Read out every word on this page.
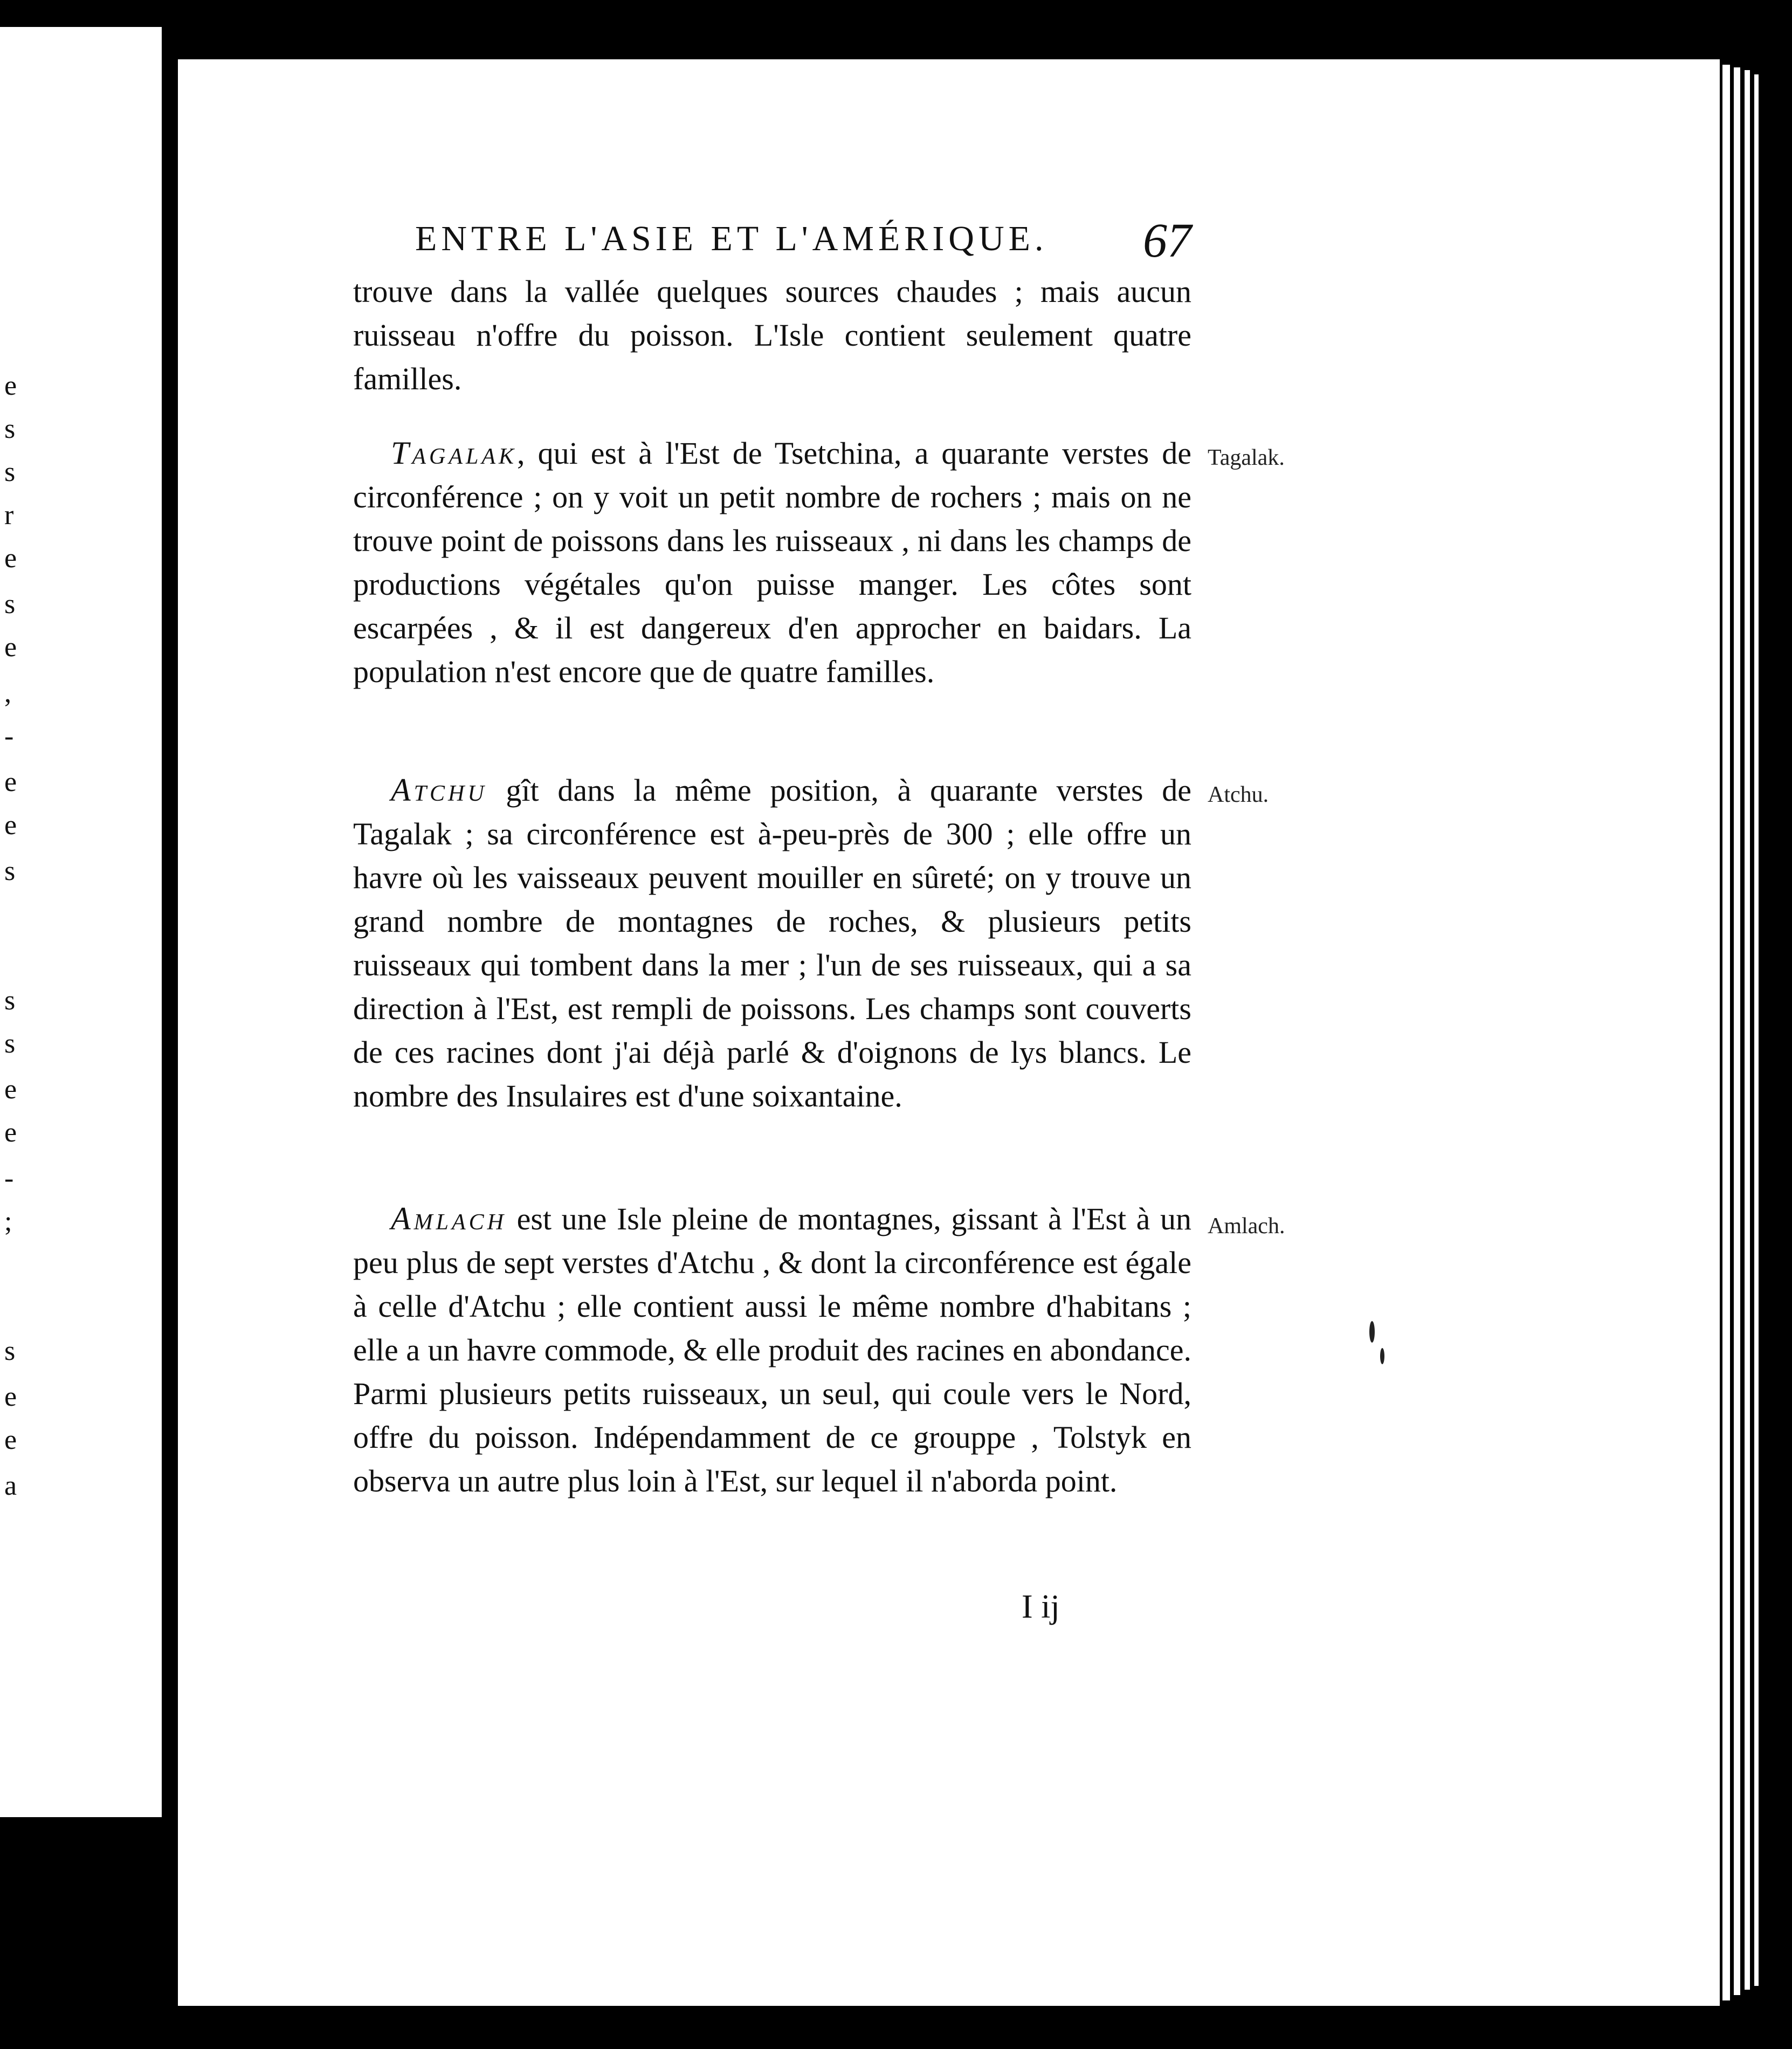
e
s
s
r
e
s
e
,
-
e
e
s
s
s
e
e
-
;
s
e
e
a
ENTRE L'ASIE ET L'AMÉRIQUE. 67

trouve dans la vallée quelques sources chaudes ; mais aucun ruisseau n'offre du poisson. L'Isle contient seulement quatre familles.

Tagalak, qui est à l'Est de Tsetchina, a quarante verstes de circonférence ; on y voit un petit nombre de rochers ; mais on ne trouve point de poissons dans les ruisseaux , ni dans les champs de productions végétales qu'on puisse manger. Les côtes sont escarpées , & il est dangereux d'en approcher en baidars. La population n'est encore que de quatre familles.

Tagalak.

Atchu gît dans la même position, à quarante verstes de Tagalak ; sa circonférence est à-peu-près de 300 ; elle offre un havre où les vaisseaux peuvent mouiller en sûreté; on y trouve un grand nombre de montagnes de roches, & plusieurs petits ruisseaux qui tombent dans la mer ; l'un de ses ruisseaux, qui a sa direction à l'Est, est rempli de poissons. Les champs sont couverts de ces racines dont j'ai déjà parlé & d'oignons de lys blancs. Le nombre des Insulaires est d'une soixantaine.

Atchu.

Amlach est une Isle pleine de montagnes, gissant à l'Est à un peu plus de sept verstes d'Atchu , & dont la circonférence est égale à celle d'Atchu ; elle contient aussi le même nombre d'habitans ; elle a un havre commode, & elle produit des racines en abondance. Parmi plusieurs petits ruisseaux, un seul, qui coule vers le Nord, offre du poisson. Indépendamment de ce grouppe , Tolstyk en observa un autre plus loin à l'Est, sur lequel il n'aborda point.

Amlach.
I ij
